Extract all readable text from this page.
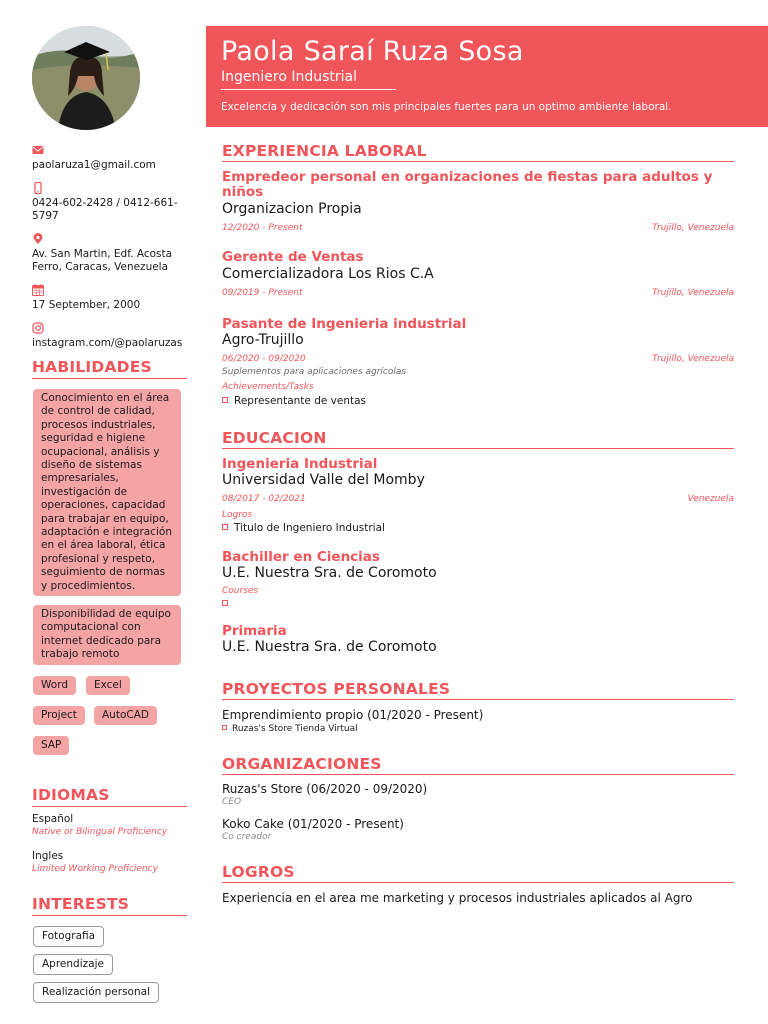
paolaruza1@gmail.com
0424-602-2428 / 0412-661-5797
Av. San Martin, Edf. Acosta Ferro, Caracas, Venezuela
17 September, 2000
instagram.com/@paolaruzas
HABILIDADES
Conocimiento en el área de control de calidad, procesos industriales, seguridad e higiene ocupacional, análisis y diseño de sistemas empresariales, investigación de operaciones, capacidad para trabajar en equipo, adaptación e integración en el área laboral, ética profesional y respeto, seguimiento de normas y procedimientos.
Disponibilidad de equipo computacional con internet dedicado para trabajo remoto
Word	Excel
Project	AutoCAD
SAP
IDIOMAS
Español
Native or Bilingual Proficiency
Ingles
Limited Working Proficiency
INTERESTS
Fotografia
Aprendizaje
Realización personal
Paola Saraí Ruza Sosa
Ingeniero Industrial
Excelencia y dedicación son mis principales fuertes para un optimo ambiente laboral.
EXPERIENCIA LABORAL
Empredeor personal en organizaciones de fiestas para adultos y niños
Organizacion Propia
12/2020 - Present	Trujillo, Venezuela
Gerente de Ventas
Comercializadora Los Rios C.A
09/2019 - Present	Trujillo, Venezuela
Pasante de Ingenieria industrial
Agro-Trujillo
06/2020 - 09/2020	Trujillo, Venezuela
Suplementos para aplicaciones agrícolas
Achievements/Tasks
Representante de ventas
EDUCACION
Ingenieria Industrial
Universidad Valle del Momby
08/2017 - 02/2021	Venezuela
Logros
Titulo de Ingeniero Industrial
Bachiller en Ciencias
U.E. Nuestra Sra. de Coromoto
Courses
Primaria
U.E. Nuestra Sra. de Coromoto
PROYECTOS PERSONALES
Emprendimiento propio (01/2020 - Present)
Ruzas's Store Tienda Virtual
ORGANIZACIONES
Ruzas's Store (06/2020 - 09/2020)
CEO
Koko Cake (01/2020 - Present)
Co creador
LOGROS
Experiencia en el area me marketing y procesos industriales aplicados al Agro
